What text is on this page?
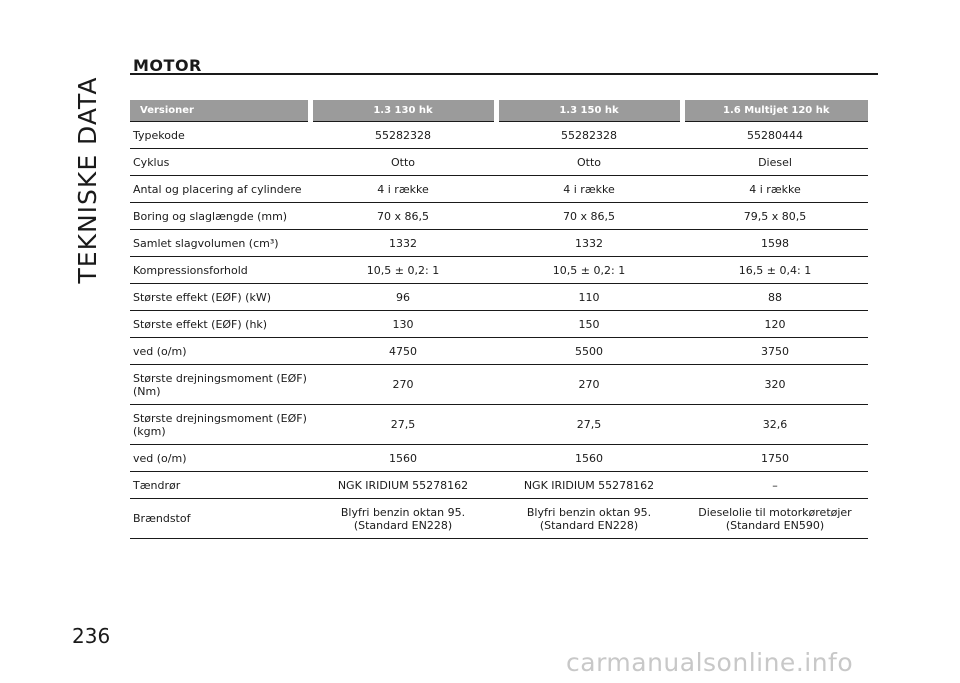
TEKNISKE DATA
MOTOR
Versioner	1.3 130 hk	1.3 150 hk	1.6 Multijet 120 hk
Typekode	55282328	55282328	55280444
Cyklus	Otto	Otto	Diesel
Antal og placering af cylindere	4 i række	4 i række	4 i række
Boring og slaglængde (mm)	70 x 86,5	70 x 86,5	79,5 x 80,5
Samlet slagvolumen (cm³)	1332	1332	1598
Kompressionsforhold	10,5 ± 0,2: 1	10,5 ± 0,2: 1	16,5 ± 0,4: 1
Største effekt (EØF) (kW)	96	110	88
Største effekt (EØF) (hk)	130	150	120
ved (o/m)	4750	5500	3750
Største drejningsmoment (EØF) (Nm)	270	270	320
Største drejningsmoment (EØF) (kgm)	27,5	27,5	32,6
ved (o/m)	1560	1560	1750
Tændrør	NGK IRIDIUM 55278162	NGK IRIDIUM 55278162	–
Brændstof	Blyfri benzin oktan 95. (Standard EN228)	Blyfri benzin oktan 95. (Standard EN228)	Dieselolie til motorkøretøjer (Standard EN590)
236
carmanualsonline.info
